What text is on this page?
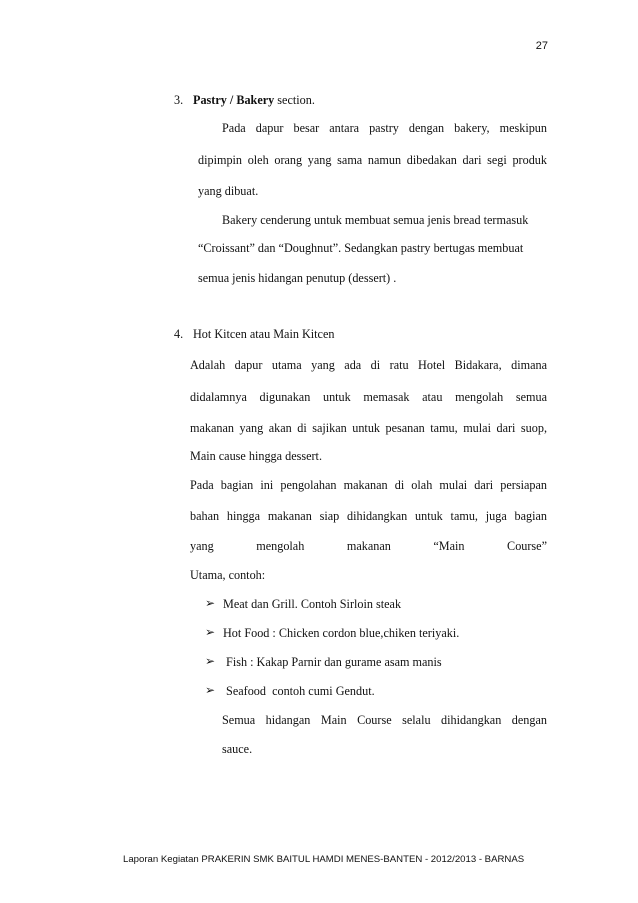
27
3. Pastry / Bakery section.
Pada dapur besar antara pastry dengan bakery, meskipun
dipimpin oleh orang yang sama namun dibedakan dari segi produk
yang dibuat.
Bakery cenderung untuk membuat semua jenis bread termasuk
“Croissant” dan “Doughnut”. Sedangkan pastry bertugas membuat
semua jenis hidangan penutup (dessert) .
4. Hot Kitcen atau Main Kitcen
Adalah dapur utama yang ada di ratu Hotel Bidakara, dimana
didalamnya digunakan untuk memasak atau mengolah semua
makanan yang akan di sajikan untuk pesanan tamu, mulai dari suop,
Main cause hingga dessert.
Pada bagian ini pengolahan makanan di olah mulai dari persiapan
bahan hingga makanan siap dihidangkan untuk tamu, juga bagian
yang mengolah makanan “Main Course”
Utama, contoh:
➢ Meat dan Grill. Contoh Sirloin steak
➢ Hot Food : Chicken cordon blue,chiken teriyaki.
➢ Fish : Kakap Parnir dan gurame asam manis
➢ Seafood  contoh cumi Gendut.
Semua hidangan Main Course selalu dihidangkan dengan
sauce.
Laporan Kegiatan PRAKERIN SMK BAITUL HAMDI MENES-BANTEN - 2012/2013 - BARNAS
